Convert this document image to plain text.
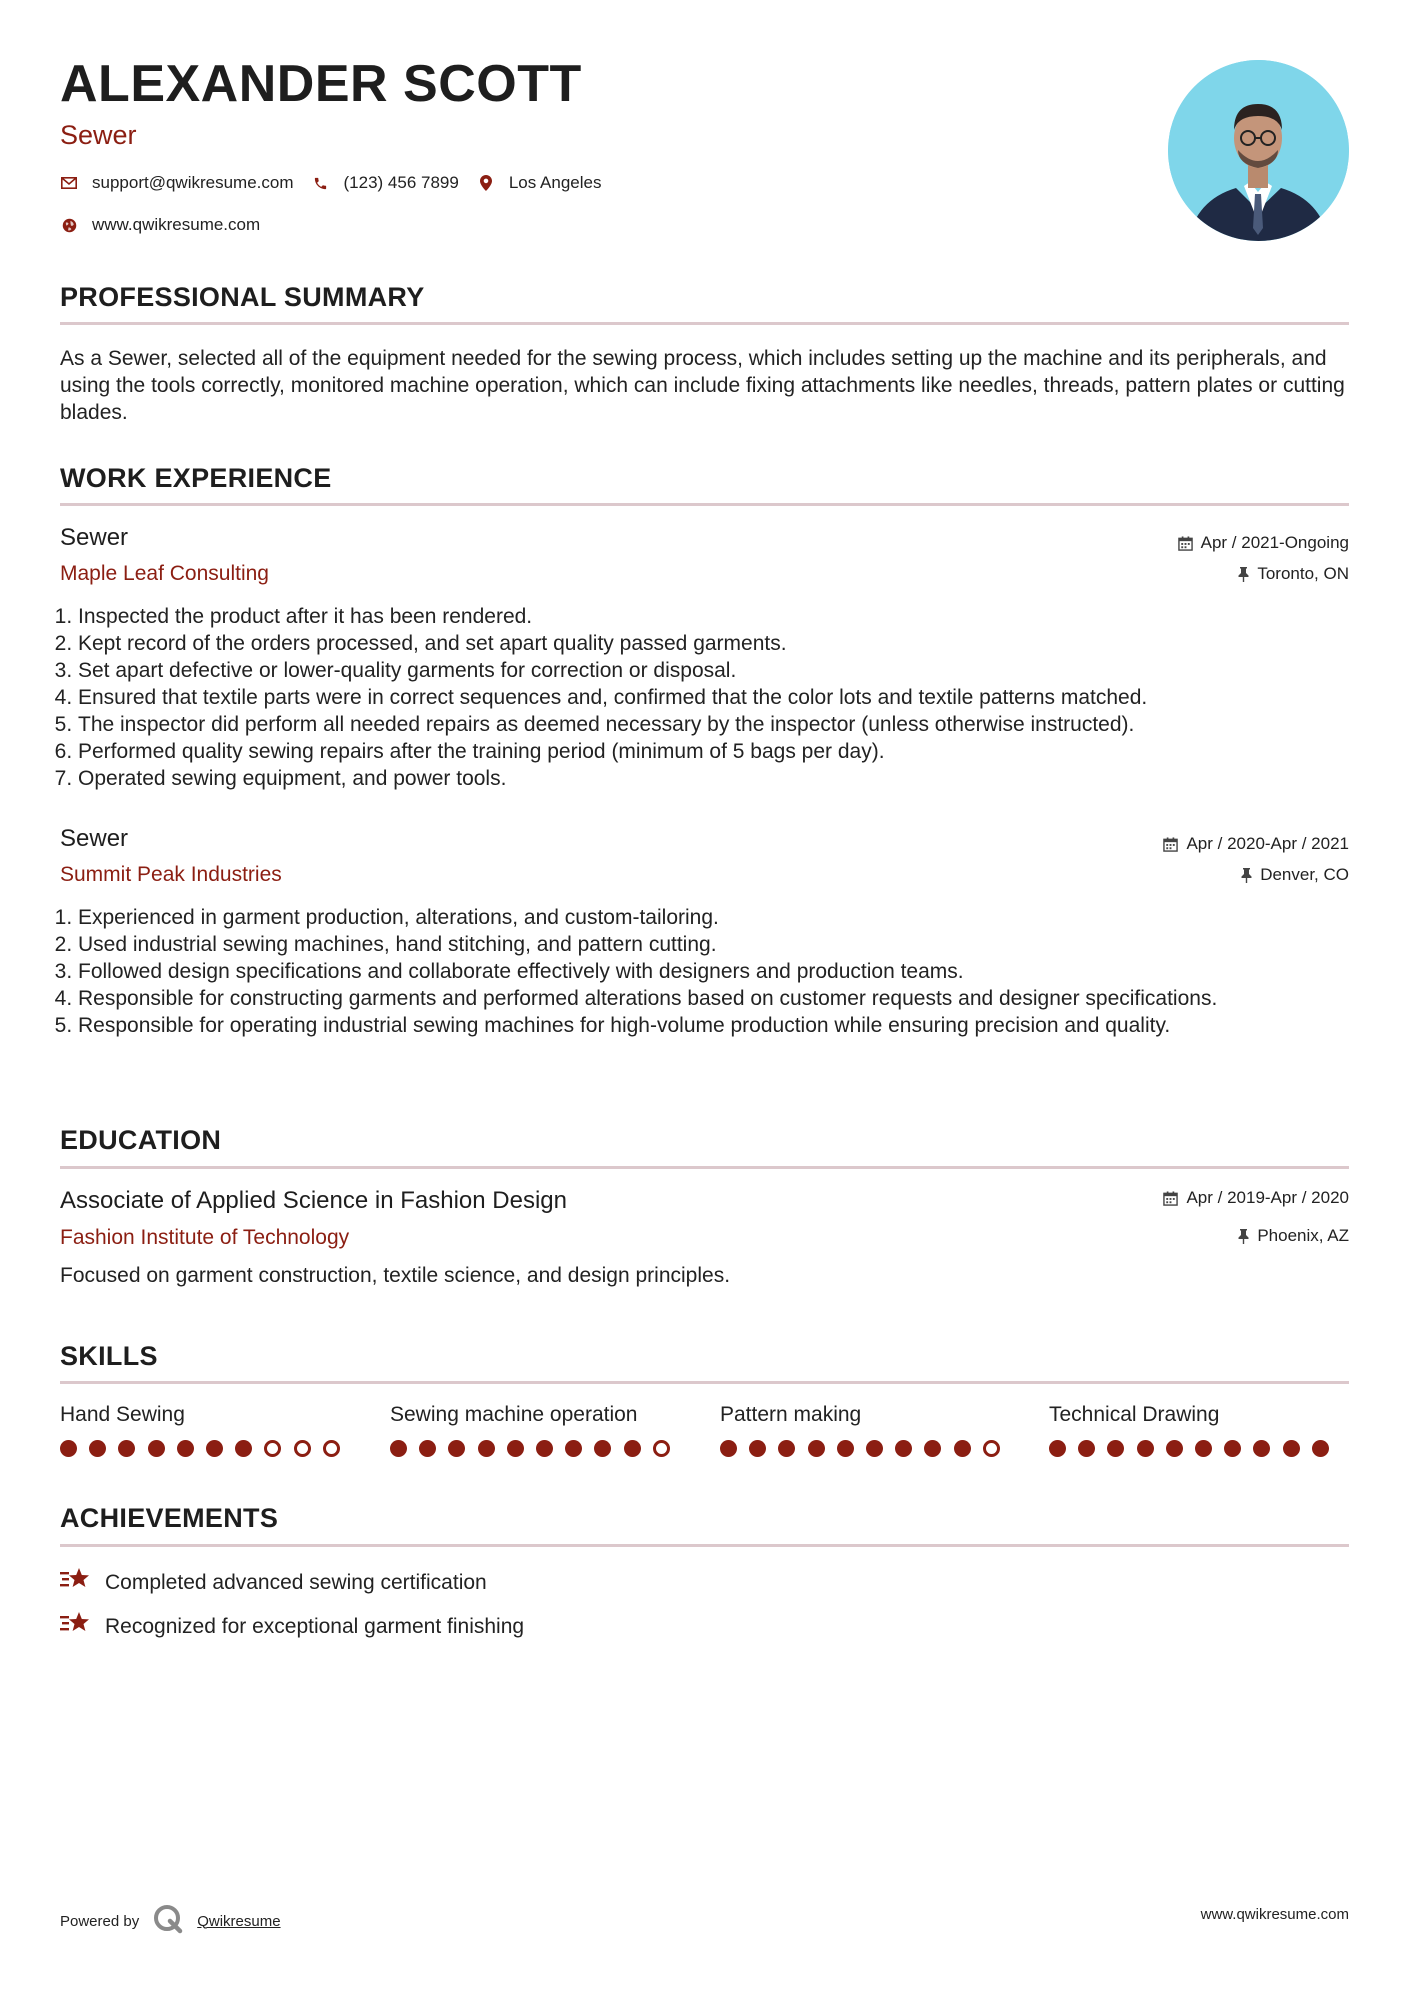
ALEXANDER SCOTT
Sewer
support@qwikresume.com	(123) 456 7899	Los Angeles
www.qwikresume.com
PROFESSIONAL SUMMARY
As a Sewer, selected all of the equipment needed for the sewing process, which includes setting up the machine and its peripherals, and using the tools correctly, monitored machine operation, which can include fixing attachments like needles, threads, pattern plates or cutting blades.
WORK EXPERIENCE
Sewer
Maple Leaf Consulting
Apr / 2021-Ongoing
Toronto, ON
1. Inspected the product after it has been rendered.
2. Kept record of the orders processed, and set apart quality passed garments.
3. Set apart defective or lower-quality garments for correction or disposal.
4. Ensured that textile parts were in correct sequences and, confirmed that the color lots and textile patterns matched.
5. The inspector did perform all needed repairs as deemed necessary by the inspector (unless otherwise instructed).
6. Performed quality sewing repairs after the training period (minimum of 5 bags per day).
7. Operated sewing equipment, and power tools.
Sewer
Summit Peak Industries
Apr / 2020-Apr / 2021
Denver, CO
1. Experienced in garment production, alterations, and custom-tailoring.
2. Used industrial sewing machines, hand stitching, and pattern cutting.
3. Followed design specifications and collaborate effectively with designers and production teams.
4. Responsible for constructing garments and performed alterations based on customer requests and designer specifications.
5. Responsible for operating industrial sewing machines for high-volume production while ensuring precision and quality.
EDUCATION
Associate of Applied Science in Fashion Design
Fashion Institute of Technology
Apr / 2019-Apr / 2020
Phoenix, AZ
Focused on garment construction, textile science, and design principles.
SKILLS
Hand Sewing	Sewing machine operation	Pattern making	Technical Drawing
ACHIEVEMENTS
Completed advanced sewing certification
Recognized for exceptional garment finishing
Powered by	Qwikresume	www.qwikresume.com
